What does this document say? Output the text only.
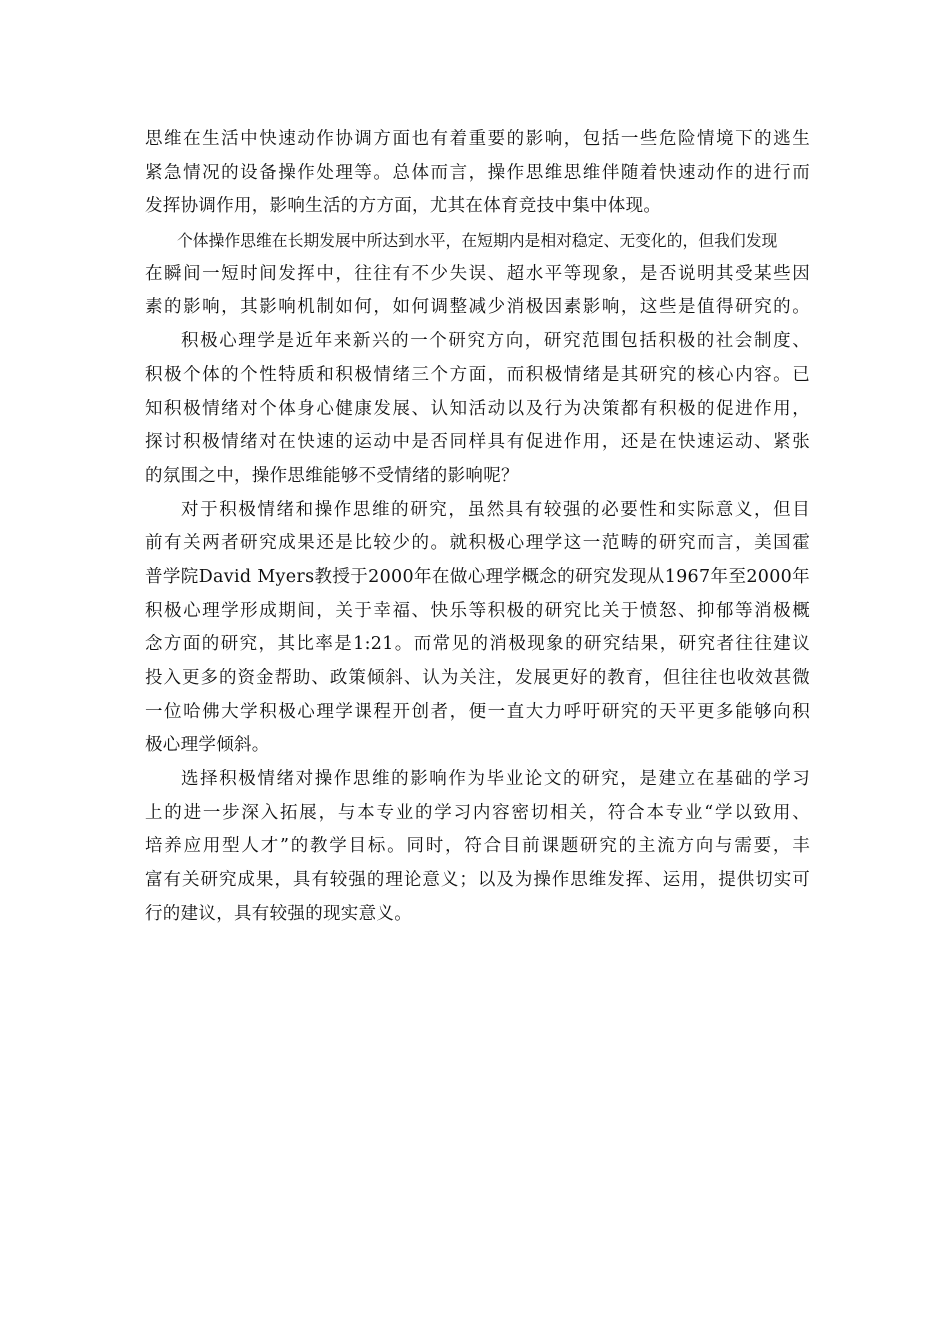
思维在生活中快速动作协调方面也有着重要的影响，包括一些危险情境下的逃生
紧急情况的设备操作处理等。总体而言，操作思维思维伴随着快速动作的进行而
发挥协调作用，影响生活的方方面，尤其在体育竞技中集中体现。
个体操作思维在长期发展中所达到水平，在短期内是相对稳定、无变化的，但我们发现
在瞬间一短时间发挥中，往往有不少失误、超水平等现象，是否说明其受某些因
素的影响，其影响机制如何，如何调整减少消极因素影响，这些是值得研究的。
积极心理学是近年来新兴的一个研究方向，研究范围包括积极的社会制度、
积极个体的个性特质和积极情绪三个方面，而积极情绪是其研究的核心内容。已
知积极情绪对个体身心健康发展、认知活动以及行为决策都有积极的促进作用，
探讨积极情绪对在快速的运动中是否同样具有促进作用，还是在快速运动、紧张
的氛围之中，操作思维能够不受情绪的影响呢？
对于积极情绪和操作思维的研究，虽然具有较强的必要性和实际意义，但目
前有关两者研究成果还是比较少的。就积极心理学这一范畴的研究而言，美国霍
普学院David Myers教授于2000年在做心理学概念的研究发现从1967年至2000年
积极心理学形成期间，关于幸福、快乐等积极的研究比关于愤怒、抑郁等消极概
念方面的研究，其比率是1:21。而常见的消极现象的研究结果，研究者往往建议
投入更多的资金帮助、政策倾斜、认为关注，发展更好的教育，但往往也收效甚微
一位哈佛大学积极心理学课程开创者，便一直大力呼吁研究的天平更多能够向积
极心理学倾斜。
选择积极情绪对操作思维的影响作为毕业论文的研究，是建立在基础的学习
上的进一步深入拓展，与本专业的学习内容密切相关，符合本专业“学以致用、
培养应用型人才”的教学目标。同时，符合目前课题研究的主流方向与需要，丰
富有关研究成果，具有较强的理论意义；以及为操作思维发挥、运用，提供切实可
行的建议，具有较强的现实意义。
